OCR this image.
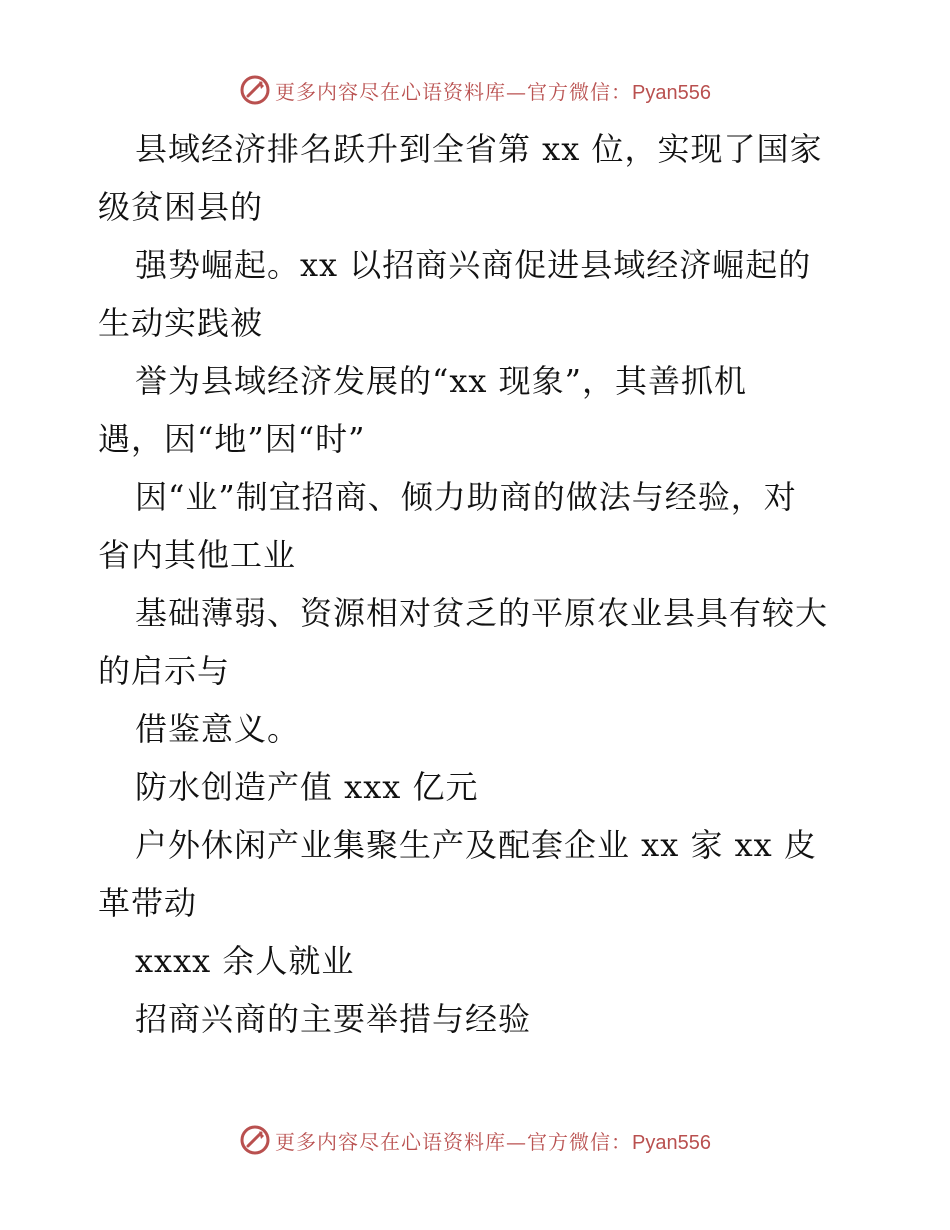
更多内容尽在心语资料库—官方微信：Pyan556
县域经济排名跃升到全省第 xx 位，实现了国家
级贫困县的
强势崛起。xx 以招商兴商促进县域经济崛起的
生动实践被
誉为县域经济发展的“xx 现象”，其善抓机
遇，因“地”因“时”
因“业”制宜招商、倾力助商的做法与经验，对
省内其他工业
基础薄弱、资源相对贫乏的平原农业县具有较大
的启示与
借鉴意义。
防水创造产值 xxx 亿元
户外休闲产业集聚生产及配套企业 xx 家 xx 皮
革带动
xxxx 余人就业
招商兴商的主要举措与经验
更多内容尽在心语资料库—官方微信：Pyan556
